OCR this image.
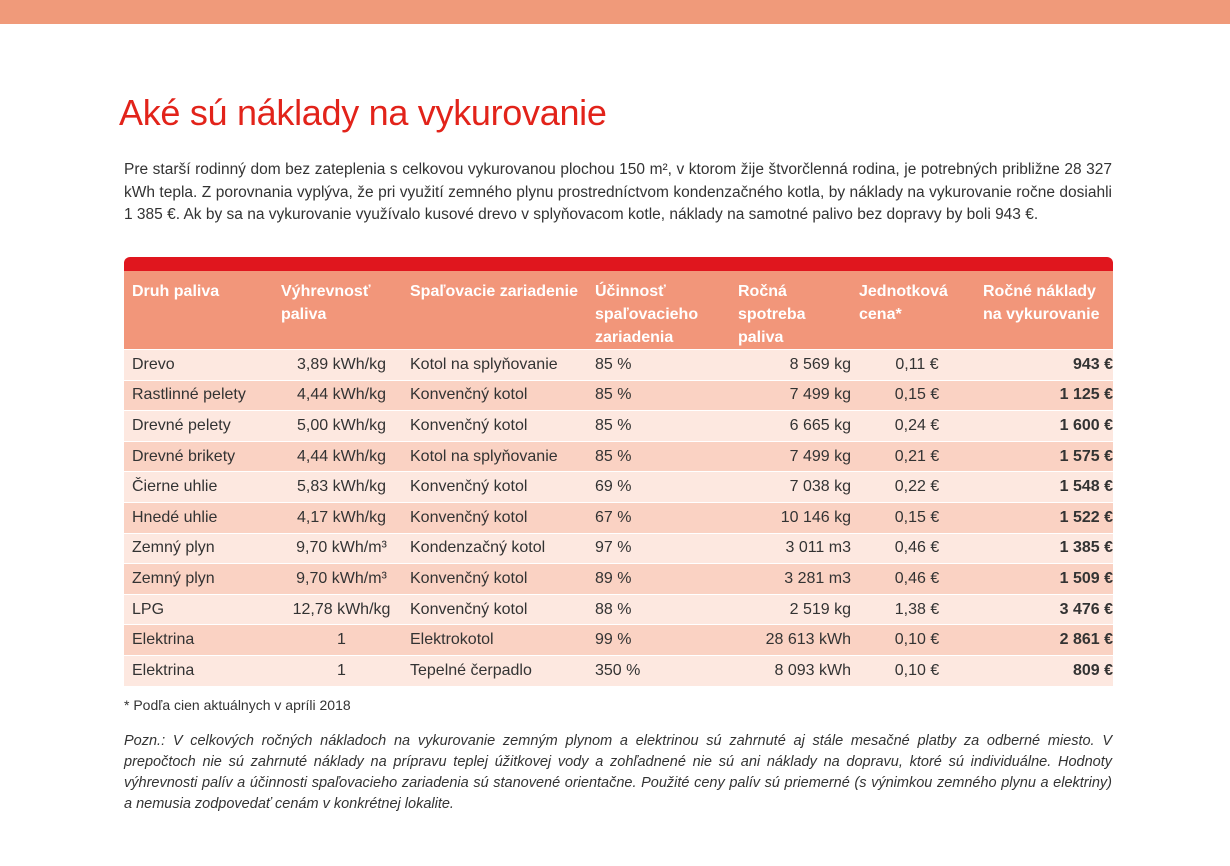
Aké sú náklady na vykurovanie

Pre starší rodinný dom bez zateplenia s celkovou vykurovanou plochou 150 m², v ktorom žije štvorčlenná rodina, je potrebných približne 28 327 kWh tepla. Z porovnania vyplýva, že pri využití zemného plynu prostredníctvom kondenzačného kotla, by náklady na vykurovanie ročne dosiahli 1 385 €. Ak by sa na vykurovanie využívalo kusové drevo v splyňovacom kotle, náklady na samotné palivo bez dopravy by boli 943 €.

Druh paliva	Výhrevnosť paliva	Spaľovacie zariadenie	Účinnosť spaľovacieho zariadenia	Ročná spotreba paliva	Jednotková cena*	Ročné náklady na vykurovanie
Drevo	3,89 kWh/kg	Kotol na splyňovanie	85 %	8 569 kg	0,11 €	943 €
Rastlinné pelety	4,44 kWh/kg	Konvenčný kotol	85 %	7 499 kg	0,15 €	1 125 €
Drevné pelety	5,00 kWh/kg	Konvenčný kotol	85 %	6 665 kg	0,24 €	1 600 €
Drevné brikety	4,44 kWh/kg	Kotol na splyňovanie	85 %	7 499 kg	0,21 €	1 575 €
Čierne uhlie	5,83 kWh/kg	Konvenčný kotol	69 %	7 038 kg	0,22 €	1 548 €
Hnedé uhlie	4,17 kWh/kg	Konvenčný kotol	67 %	10 146 kg	0,15 €	1 522 €
Zemný plyn	9,70 kWh/m³	Kondenzačný kotol	97 %	3 011 m3	0,46 €	1 385 €
Zemný plyn	9,70 kWh/m³	Konvenčný kotol	89 %	3 281 m3	0,46 €	1 509 €
LPG	12,78 kWh/kg	Konvenčný kotol	88 %	2 519 kg	1,38 €	3 476 €
Elektrina	1	Elektrokotol	99 %	28 613 kWh	0,10 €	2 861 €
Elektrina	1	Tepelné čerpadlo	350 %	8 093 kWh	0,10 €	809 €

* Podľa cien aktuálnych v apríli 2018

Pozn.: V celkových ročných nákladoch na vykurovanie zemným plynom a elektrinou sú zahrnuté aj stále mesačné platby za odberné miesto. V prepočtoch nie sú zahrnuté náklady na prípravu teplej úžitkovej vody a zohľadnené nie sú ani náklady na dopravu, ktoré sú individuálne. Hodnoty výhrevnosti palív a účinnosti spaľovacieho zariadenia sú stanovené orientačne. Použité ceny palív sú priemerné (s výnimkou zemného plynu a elektriny) a nemusia zodpovedať cenám v konkrétnej lokalite.
